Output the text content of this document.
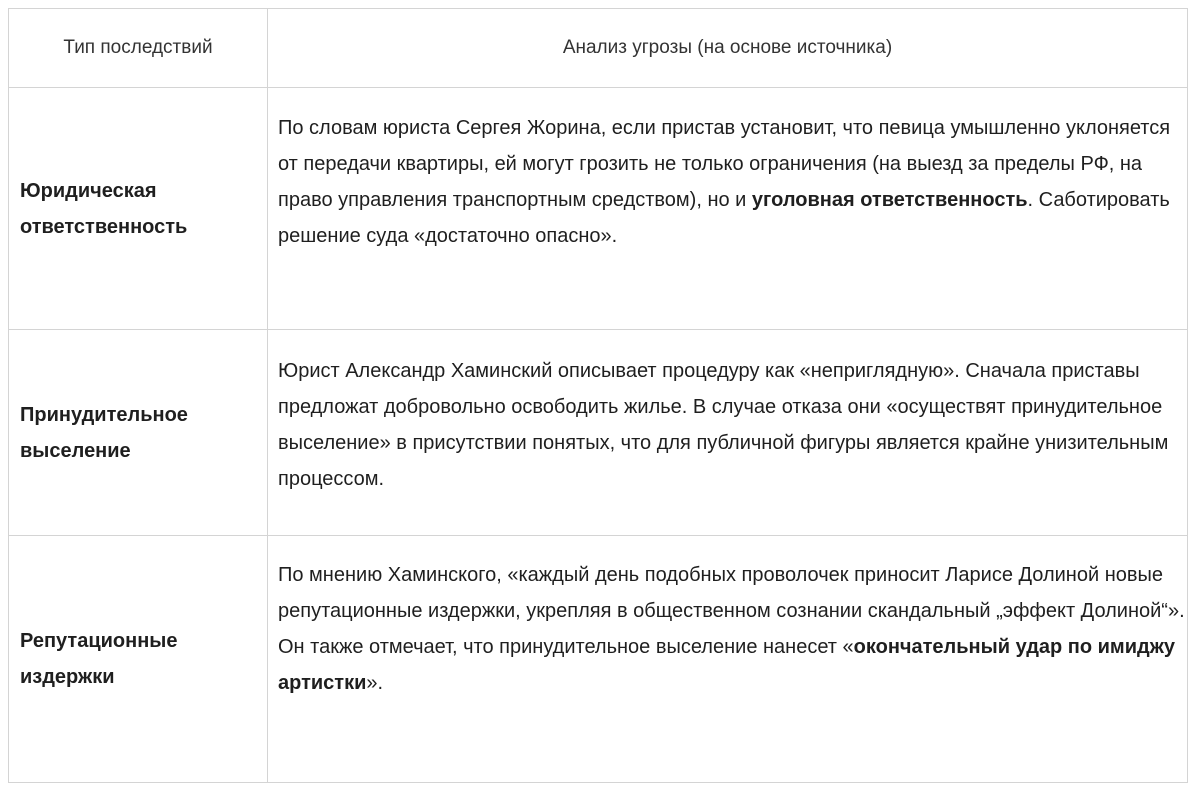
Тип последствий	Анализ угрозы (на основе источника)
Юридическая
ответственность	По словам юриста Сергея Жорина, если пристав установит, что певица умышленно уклоняется от передачи квартиры, ей могут грозить не только ограничения (на выезд за пределы РФ, на право управления транспортным средством), но и уголовная ответственность. Саботировать решение суда «достаточно опасно».
Принудительное
выселение	Юрист Александр Хаминский описывает процедуру как «неприглядную». Сначала приставы предложат добровольно освободить жилье. В случае отказа они «осуществят принудительное выселение» в присутствии понятых, что для публичной фигуры является крайне унизительным процессом.
Репутационные
издержки	По мнению Хаминского, «каждый день подобных проволочек приносит Ларисе Долиной новые репутационные издержки, укрепляя в общественном сознании скандальный „эффект Долиной“». Он также отмечает, что принудительное выселение нанесет «окончательный удар по имиджу артистки».
